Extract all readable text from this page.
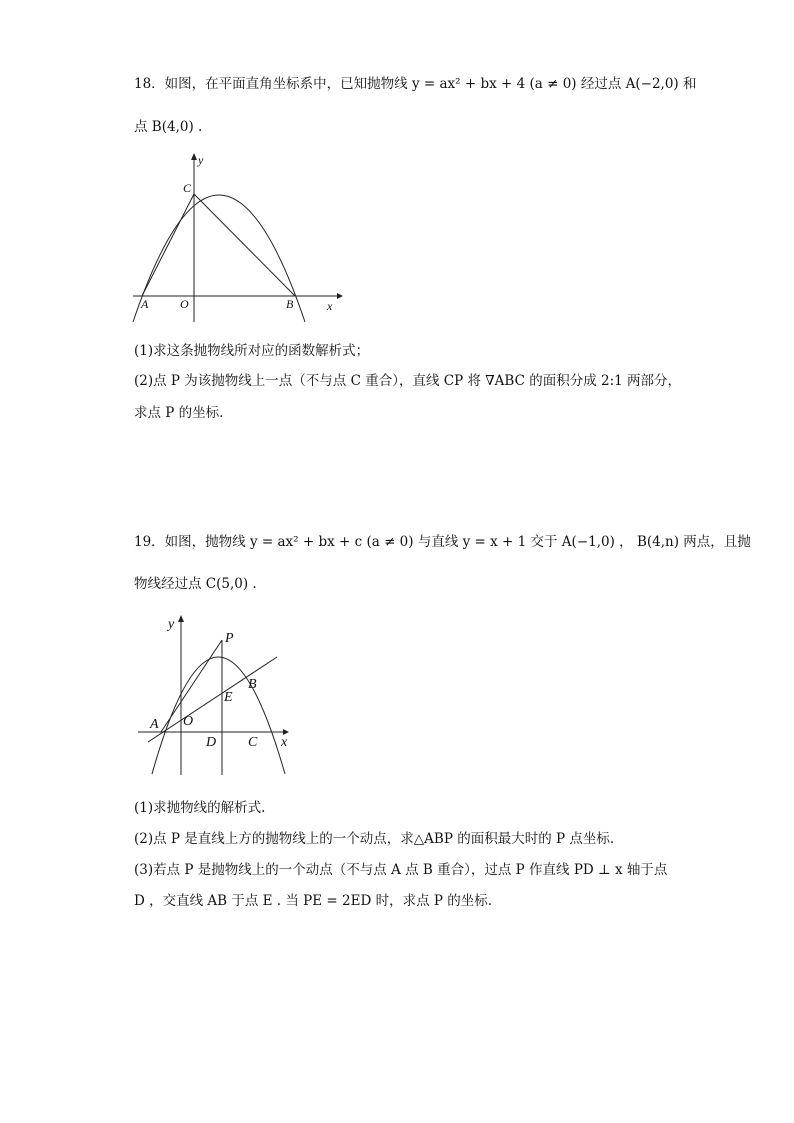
18．如图，在平面直角坐标系中，已知抛物线 y = ax² + bx + 4 (a ≠ 0) 经过点 A(−2,0) 和
点 B(4,0) .
y
C
A	O	B	x
(1)求这条抛物线所对应的函数解析式；
(2)点 P 为该抛物线上一点（不与点 C 重合），直线 CP 将 ∇ABC 的面积分成 2:1 两部分，
求点 P 的坐标.
19．如图，抛物线 y = ax² + bx + c (a ≠ 0) 与直线 y = x + 1 交于 A(−1,0) ， B(4,n) 两点，且抛
物线经过点 C(5,0) .
y
P
E
B
A O
D C x
(1)求抛物线的解析式.
(2)点 P 是直线上方的抛物线上的一个动点，求△ABP 的面积最大时的 P 点坐标.
(3)若点 P 是抛物线上的一个动点（不与点 A 点 B 重合），过点 P 作直线 PD ⊥ x 轴于点
D ，交直线 AB 于点 E . 当 PE = 2ED 时，求点 P 的坐标.
